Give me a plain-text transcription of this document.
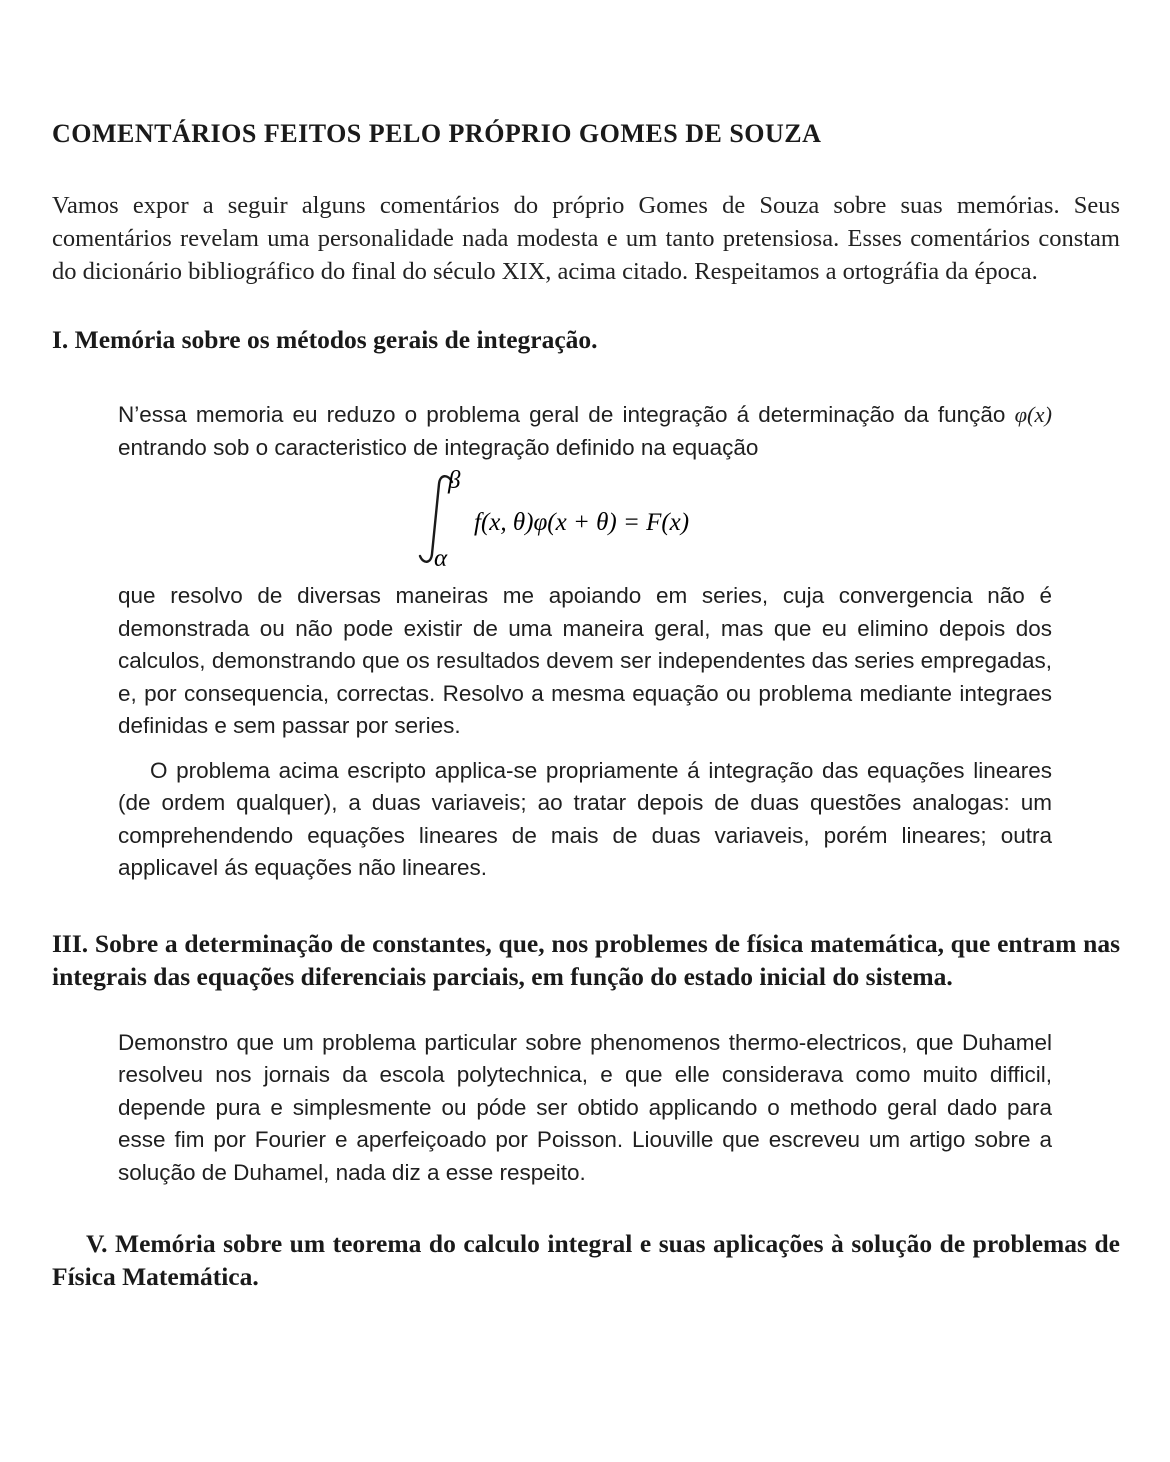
COMENTÁRIOS FEITOS PELO PRÓPRIO GOMES DE SOUZA

Vamos expor a seguir alguns comentários do próprio Gomes de Souza sobre suas memórias. Seus comentários revelam uma personalidade nada modesta e um tanto pretensiosa. Esses comentários constam do dicionário bibliográfico do final do século XIX, acima citado. Respeitamos a ortográfia da época.

I. Memória sobre os métodos gerais de integração.

N’essa memoria eu reduzo o problema geral de integração á determinação da função φ(x) entrando sob o caracteristico de integração definido na equação

β
α
f(x, θ)φ(x + θ) = F(x)

que resolvo de diversas maneiras me apoiando em series, cuja convergencia não é demonstrada ou não pode existir de uma maneira geral, mas que eu elimino depois dos calculos, demonstrando que os resultados devem ser independentes das series empregadas, e, por consequencia, correctas. Resolvo a mesma equação ou problema mediante integraes definidas e sem passar por series.

O problema acima escripto applica-se propriamente á integração das equações lineares (de ordem qualquer), a duas variaveis; ao tratar depois de duas questões analogas: um comprehendendo equações lineares de mais de duas variaveis, porém lineares; outra applicavel ás equações não lineares.

III. Sobre a determinação de constantes, que, nos problemes de física matemática, que entram nas integrais das equações diferenciais parciais, em função do estado inicial do sistema.

Demonstro que um problema particular sobre phenomenos thermo-electricos, que Duhamel resolveu nos jornais da escola polytechnica, e que elle considerava como muito difficil, depende pura e simplesmente ou póde ser obtido applicando o methodo geral dado para esse fim por Fourier e aperfeiçoado por Poisson. Liouville que escreveu um artigo sobre a solução de Duhamel, nada diz a esse respeito.

V. Memória sobre um teorema do calculo integral e suas aplicações à solução de problemas de Física Matemática.
